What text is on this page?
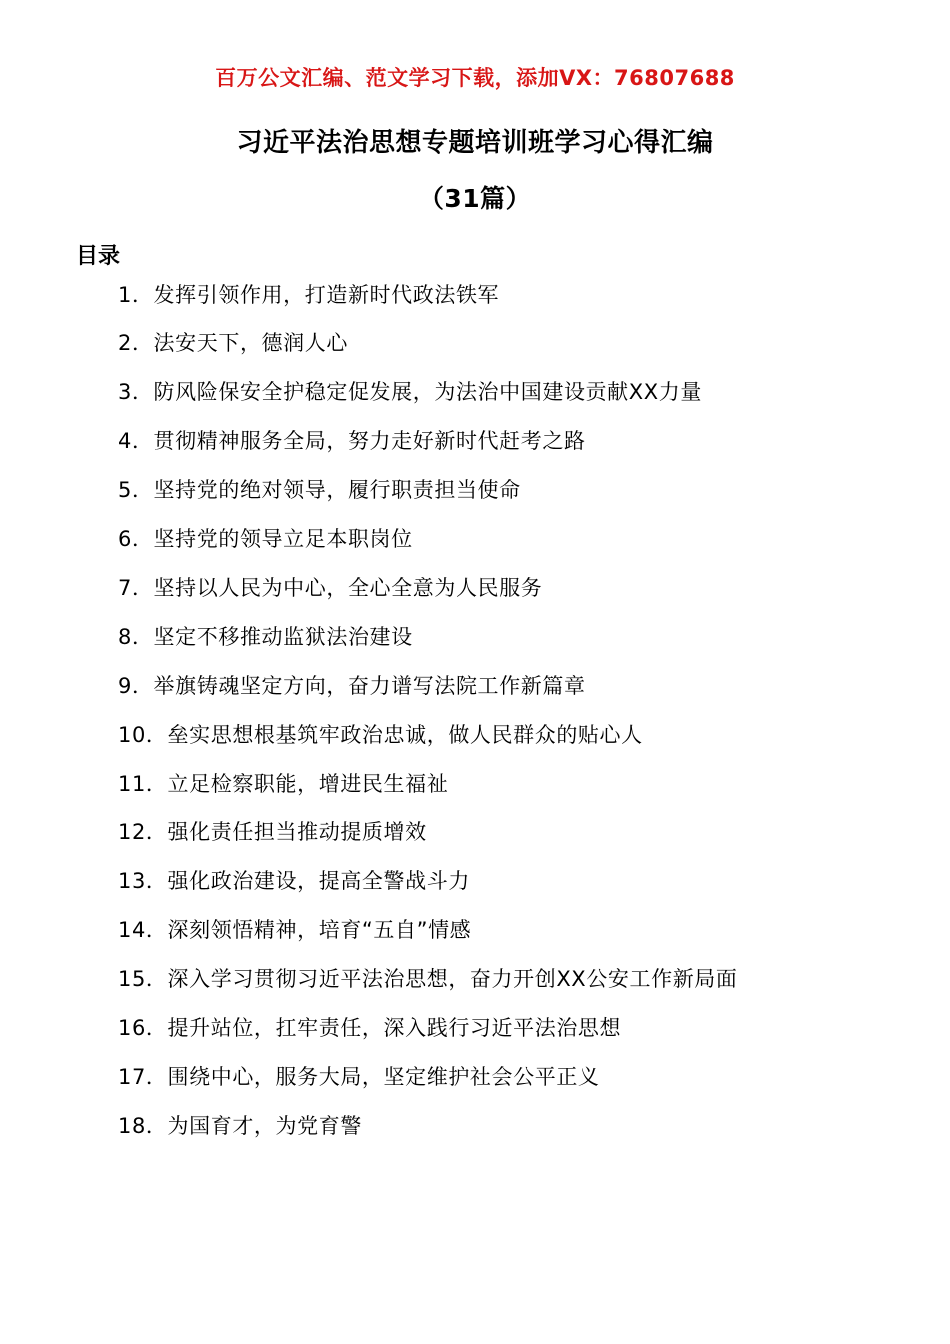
百万公文汇编、范文学习下载，添加VX：76807688
习近平法治思想专题培训班学习心得汇编
（31篇）
目录
1．发挥引领作用，打造新时代政法铁军
2．法安天下，德润人心
3．防风险保安全护稳定促发展，为法治中国建设贡献XX力量
4．贯彻精神服务全局，努力走好新时代赶考之路
5．坚持党的绝对领导，履行职责担当使命
6．坚持党的领导立足本职岗位
7．坚持以人民为中心，全心全意为人民服务
8．坚定不移推动监狱法治建设
9．举旗铸魂坚定方向，奋力谱写法院工作新篇章
10．垒实思想根基筑牢政治忠诚，做人民群众的贴心人
11．立足检察职能，增进民生福祉
12．强化责任担当推动提质增效
13．强化政治建设，提高全警战斗力
14．深刻领悟精神，培育“五自”情感
15．深入学习贯彻习近平法治思想，奋力开创XX公安工作新局面
16．提升站位，扛牢责任，深入践行习近平法治思想
17．围绕中心，服务大局，坚定维护社会公平正义
18．为国育才，为党育警
